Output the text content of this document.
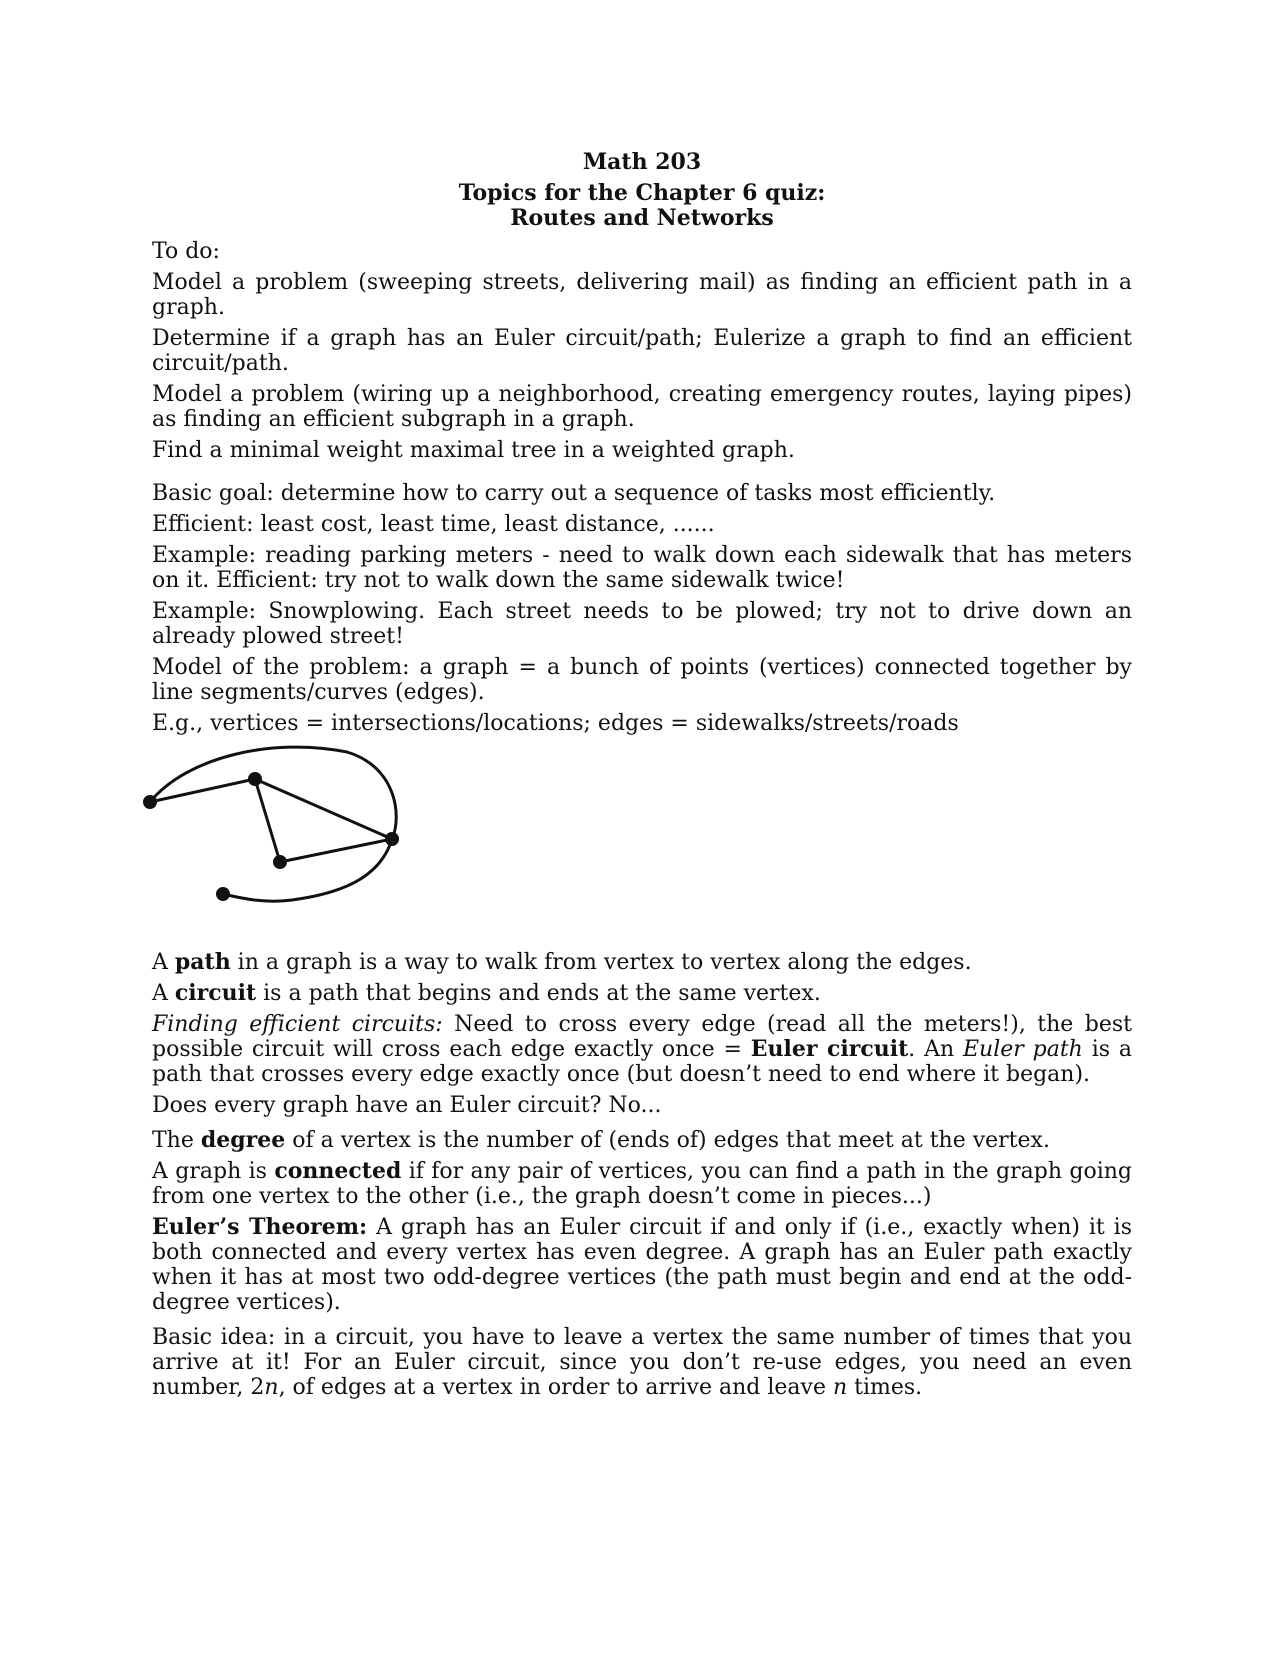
Math 203
Topics for the Chapter 6 quiz:
Routes and Networks

To do:

Model a problem (sweeping streets, delivering mail) as finding an efficient path in a graph.

Determine if a graph has an Euler circuit/path; Eulerize a graph to find an efficient circuit/path.

Model a problem (wiring up a neighborhood, creating emergency routes, laying pipes) as finding an efficient subgraph in a graph.

Find a minimal weight maximal tree in a weighted graph.

Basic goal: determine how to carry out a sequence of tasks most efficiently.

Efficient: least cost, least time, least distance, ......

Example: reading parking meters - need to walk down each sidewalk that has meters on it. Efficient: try not to walk down the same sidewalk twice!

Example: Snowplowing. Each street needs to be plowed; try not to drive down an already plowed street!

Model of the problem: a graph = a bunch of points (vertices) connected together by line segments/curves (edges).

E.g., vertices = intersections/locations; edges = sidewalks/streets/roads

A path in a graph is a way to walk from vertex to vertex along the edges.

A circuit is a path that begins and ends at the same vertex.

Finding efficient circuits: Need to cross every edge (read all the meters!), the best possible circuit will cross each edge exactly once = Euler circuit. An Euler path is a path that crosses every edge exactly once (but doesn’t need to end where it began).

Does every graph have an Euler circuit? No...

The degree of a vertex is the number of (ends of) edges that meet at the vertex.

A graph is connected if for any pair of vertices, you can find a path in the graph going from one vertex to the other (i.e., the graph doesn’t come in pieces...)

Euler’s Theorem: A graph has an Euler circuit if and only if (i.e., exactly when) it is both connected and every vertex has even degree. A graph has an Euler path exactly when it has at most two odd-degree vertices (the path must begin and end at the odd-degree vertices).

Basic idea: in a circuit, you have to leave a vertex the same number of times that you arrive at it! For an Euler circuit, since you don’t re-use edges, you need an even number, 2n, of edges at a vertex in order to arrive and leave n times.
